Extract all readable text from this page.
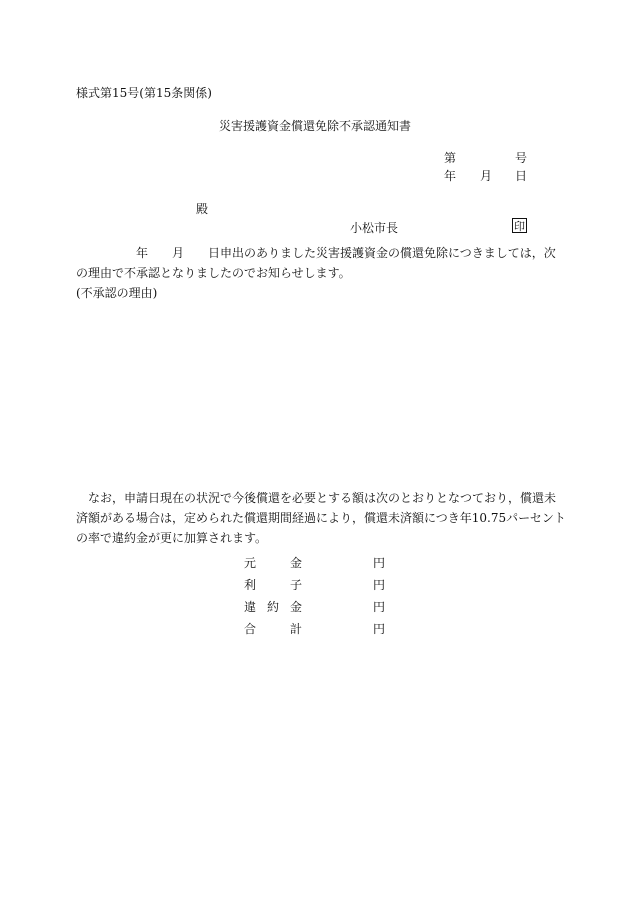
様式第15号(第15条関係)
災害援護資金償還免除不承認通知書
第	号
年 月 日
殿
小松市長	印
年 月 日申出のありました災害援護資金の償還免除につきましては，次
の理由で不承認となりましたのでお知らせします。
(不承認の理由)
なお，申請日現在の状況で今後償還を必要とする額は次のとおりとなつており，償還未
済額がある場合は，定められた償還期間経過により，償還未済額につき年10.75パーセント
の率で違約金が更に加算されます。
元	金	円
利	子	円
違 約 金	円
合	計	円
